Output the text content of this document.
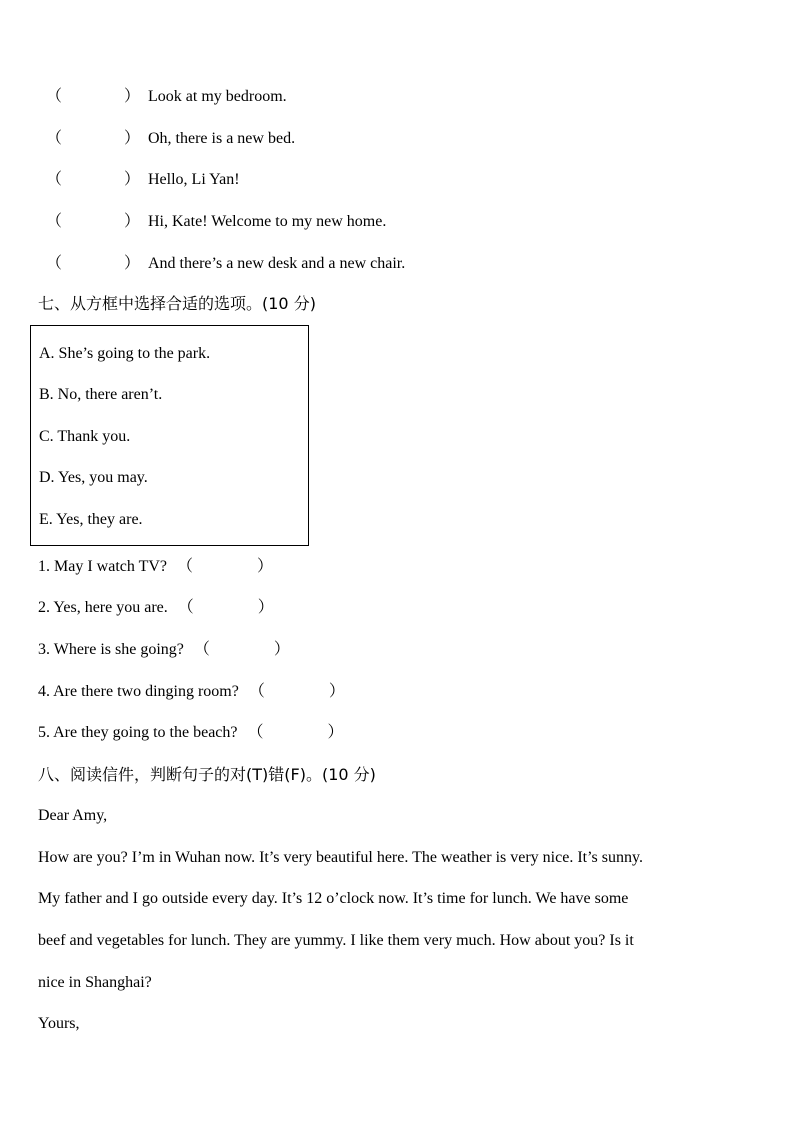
（	） Look at my bedroom.
（	） Oh, there is a new bed.
（	） Hello, Li Yan!
（	） Hi, Kate! Welcome to my new home.
（	） And there’s a new desk and a new chair.
七、从方框中选择合适的选项。(10 分)
A. She’s going to the park.
B. No, there aren’t.
C. Thank you.
D. Yes, you may.
E. Yes, they are.
1. May I watch TV? （　　　　）
2. Yes, here you are. （　　　　）
3. Where is she going? （　　　　）
4. Are there two dinging room? （　　　　）
5. Are they going to the beach? （　　　　）
八、阅读信件，判断句子的对(T)错(F)。(10 分)
Dear Amy,
How are you? I’m in Wuhan now. It’s very beautiful here. The weather is very nice. It’s sunny.
My father and I go outside every day. It’s 12 o’clock now. It’s time for lunch. We have some
beef and vegetables for lunch. They are yummy. I like them very much. How about you? Is it
nice in Shanghai?
Yours,
